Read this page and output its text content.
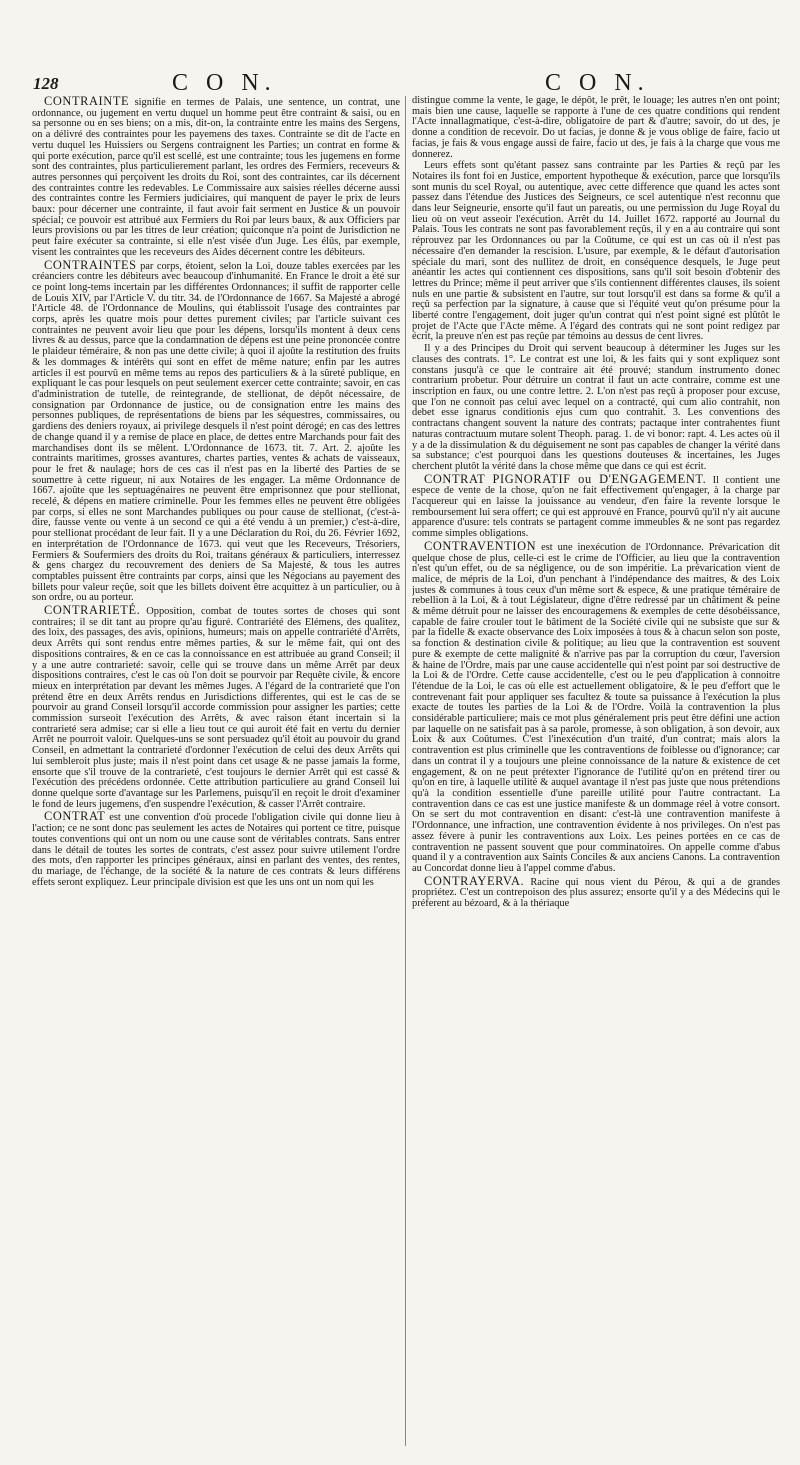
128	C O N.	C O N.

CONTRAINTE signifie en termes de Palais, une sentence, un contrat, une ordonnance, ou jugement en vertu duquel un homme peut être contraint & saisi, ou en sa personne ou en ses biens; on a mis, dit-on, la contrainte entre les mains des Sergens, on a délivré des contraintes pour les payemens des taxes. Contrainte se dit de l'acte en vertu duquel les Huissiers ou Sergens contraignent les Parties; un contrat en forme & qui porte exécution, parce qu'il est scellé, est une contrainte; tous les jugemens en forme sont des contraintes, plus particulierement parlant, les ordres des Fermiers, receveurs & autres personnes qui perçoivent les droits du Roi, sont des contraintes, car ils décernent des contraintes contre les redevables. Le Commissaire aux saisies réelles décerne aussi des contraintes contre les Fermiers judiciaires, qui manquent de payer le prix de leurs baux: pour décerner une contrainte, il faut avoir fait serment en Justice & un pouvoir spécial; ce pouvoir est attribué aux Fermiers du Roi par leurs baux, & aux Officiers par leurs provisions ou par les titres de leur création; quiconque n'a point de Jurisdiction ne peut faire exécuter sa contrainte, si elle n'est visée d'un Juge. Les élûs, par exemple, visent les contraintes que les receveurs des Aides décernent contre les débiteurs.

CONTRAINTES par corps, étoient, selon la Loi, douze tables exercées par les créanciers contre les débiteurs avec beaucoup d'inhumanité. En France le droit a été sur ce point long-tems incertain par les différentes Ordonnances; il suffit de rapporter celle de Louis XIV, par l'Article V. du titr. 34. de l'Ordonnance de 1667. Sa Majesté a abrogé l'Article 48. de l'Ordonnance de Moulins, qui établissoit l'usage des contraintes par corps, après les quatre mois pour dettes purement civiles; par l'article suivant ces contraintes ne peuvent avoir lieu que pour les dépens, lorsqu'ils montent à deux cens livres & au dessus, parce que la condamnation de dépens est une peine prononcée contre le plaideur téméraire, & non pas une dette civile; à quoi il ajoûte la restitution des fruits & les dommages & intérêts qui sont en effet de même nature; enfin par les autres articles il est pourvû en même tems au repos des particuliers & à la sûreté publique, en expliquant le cas pour lesquels on peut seulement exercer cette contrainte; savoir, en cas d'administration de tutelle, de reintegrande, de stellionat, de dépôt nécessaire, de consignation par Ordonnance de justice, ou de consignation entre les mains des personnes publiques, de représentations de biens par les séquestres, commissaires, ou gardiens des deniers royaux, ai privilege desquels il n'est point dérogé; en cas des lettres de change quand il y a remise de place en place, de dettes entre Marchands pour fait des marchandises dont ils se mêlent. L'Ordonnance de 1673. tit. 7. Art. 2. ajoûte les contraints maritimes, grosses avantures, chartes parties, ventes & achats de vaisseaux, pour le fret & naulage; hors de ces cas il n'est pas en la liberté des Parties de se soumettre à cette rigueur, ni aux Notaires de les engager. La même Ordonnance de 1667. ajoûte que les septuagénaires ne peuvent être emprisonnez que pour stellionat, recelé, & dépens en matiere criminelle. Pour les femmes elles ne peuvent être obligées par corps, si elles ne sont Marchandes publiques ou pour cause de stellionat, (c'est-à-dire, fausse vente ou vente à un second ce qui a été vendu à un premier,) c'est-à-dire, pour stellionat procédant de leur fait. Il y a une Déclaration du Roi, du 26. Février 1692, en interprétation de l'Ordonnance de 1673. qui veut que les Receveurs, Trésoriers, Fermiers & Soufermiers des droits du Roi, traitans généraux & particuliers, interressez & gens chargez du recouvrement des deniers de Sa Majesté, & tous les autres comptables puissent être contraints par corps, ainsi que les Négocians au payement des billets pour valeur reçûe, soit que les billets doivent être acquittez à un particulier, ou à son ordre, ou au porteur.

CONTRARIETÉ. Opposition, combat de toutes sortes de choses qui sont contraires; il se dit tant au propre qu'au figuré. Contrariété des Elémens, des qualitez, des loix, des passages, des avis, opinions, humeurs; mais on appelle contrariété d'Arrêts, deux Arrêts qui sont rendus entre mêmes parties, & sur le même fait, qui ont des dispositions contraires, & en ce cas la connoissance en est attribuée au grand Conseil; il y a une autre contrarieté: savoir, celle qui se trouve dans un même Arrêt par deux dispositions contraires, c'est le cas où l'on doit se pourvoir par Requête civile, & encore mieux en interprétation par devant les mêmes Juges. A l'égard de la contrarieté que l'on prétend être en deux Arrêts rendus en Jurisdictions differentes, qui est le cas de se pourvoir au grand Conseil lorsqu'il accorde commission pour assigner les parties; cette commission surseoit l'exécution des Arrêts, & avec raison étant incertain si la contrarieté sera admise; car si elle a lieu tout ce qui auroit été fait en vertu du dernier Arrêt ne pourroit valoir. Quelques-uns se sont persuadez qu'il étoit au pouvoir du grand Conseil, en admettant la contrarieté d'ordonner l'exécution de celui des deux Arrêts qui lui sembleroit plus juste; mais il n'est point dans cet usage & ne passe jamais la forme, ensorte que s'il trouve de la contrarieté, c'est toujours le dernier Arrêt qui est cassé & l'exécution des précédens ordonnée. Cette attribution particuliere au grand Conseil lui donne quelque sorte d'avantage sur les Parlemens, puisqu'il en reçoit le droit d'examiner le fond de leurs jugemens, d'en suspendre l'exécution, & casser l'Arrêt contraire.

CONTRAT est une convention d'où procede l'obligation civile qui donne lieu à l'action; ce ne sont donc pas seulement les actes de Notaires qui portent ce titre, puisque toutes conventions qui ont un nom ou une cause sont de véritables contrats. Sans entrer dans le détail de toutes les sortes de contrats, c'est assez pour suivre utilement l'ordre des mots, d'en rapporter les principes généraux, ainsi en parlant des ventes, des rentes, du mariage, de l'échange, de la société & la nature de ces contrats & leurs différens effets seront expliquez. Leur principale division est que les uns ont un nom qui les

distingue comme la vente, le gage, le dépôt, le prêt, le louage; les autres n'en ont point; mais bien une cause, laquelle se rapporte à l'une de ces quatre conditions qui rendent l'Acte innallagmatique, c'est-à-dire, obligatoire de part & d'autre; savoir, do ut des, je donne a condition de recevoir. Do ut facias, je donne & je vous oblige de faire, facio ut facias, je fais & vous engage aussi de faire, facio ut des, je fais à la charge que vous me donnerez.

Leurs effets sont qu'étant passez sans contrainte par les Parties & reçû par les Notaires ils font foi en Justice, emportent hypotheque & exécution, parce que lorsqu'ils sont munis du scel Royal, ou autentique, avec cette difference que quand les actes sont passez dans l'étendue des Justices des Seigneurs, ce scel autentique n'est reconnu que dans leur Seigneurie, ensorte qu'il faut un pareatis, ou une permission du Juge Royal du lieu où on veut asseoir l'exécution. Arrêt du 14. Juillet 1672. rapporté au Journal du Palais. Tous les contrats ne sont pas favorablement reçûs, il y en a au contraire qui sont réprouvez par les Ordonnances ou par la Coûtume, ce qui est un cas où il n'est pas nécessaire d'en demander la rescision. L'usure, par exemple, & le défaut d'autorisation spéciale du mari, sont des nullitez de droit, en conséquence desquels, le Juge peut anéantir les actes qui contiennent ces dispositions, sans qu'il soit besoin d'obtenir des lettres du Prince; même il peut arriver que s'ils contiennent différentes clauses, ils soient nuls en une partie & subsistent en l'autre, sur tout lorsqu'il est dans sa forme & qu'il a reçû sa perfection par la signature, à cause que si l'équité veut qu'on présume pour la liberté contre l'engagement, doit juger qu'un contrat qui n'est point signé est plûtôt le projet de l'Acte que l'Acte même. A l'égard des contrats qui ne sont point redigez par écrit, la preuve n'en est pas reçûe par témoins au dessus de cent livres.

Il y a des Principes du Droit qui servent beaucoup à déterminer les Juges sur les clauses des contrats. 1°. Le contrat est une loi, & les faits qui y sont expliquez sont constans jusqu'à ce que le contraire ait été prouvé; standum instrumento donec contrarium probetur. Pour détruire un contrat il faut un acte contraire, comme est une inscription en faux, ou une contre lettre. 2. L'on n'est pas reçû à proposer pour excuse, que l'on ne connoit pas celui avec lequel on a contracté, qui cum alio contrahit, non debet esse ignarus conditionis ejus cum quo contrahit. 3. Les conventions des contractans changent souvent la nature des contrats; pactaque inter contrahentes fiunt naturas contractuum mutare solent Theoph. parag. 1. de vi bonor: rapt. 4. Les actes où il y a de la dissimulation & du déguisement ne sont pas capables de changer la vérité dans sa substance; c'est pourquoi dans les questions douteuses & incertaines, les Juges cherchent plutôt la vérité dans la chose même que dans ce qui est écrit.

CONTRAT PIGNORATIF ou D'ENGAGEMENT. Il contient une espece de vente de la chose, qu'on ne fait effectivement qu'engager, à la charge par l'acquereur qui en laisse la jouissance au vendeur, d'en faire la revente lorsque le remboursement lui sera offert; ce qui est approuvé en France, pourvû qu'il n'y ait aucune apparence d'usure: tels contrats se partagent comme immeubles & ne sont pas regardez comme simples obligations.

CONTRAVENTION est une inexécution de l'Ordonnance. Prévarication dit quelque chose de plus, celle-ci est le crime de l'Officier, au lieu que la contravention n'est qu'un effet, ou de sa négligence, ou de son impéritie. La prévarication vient de malice, de mépris de la Loi, d'un penchant à l'indépendance des maitres, & des Loix justes & communes à tous ceux d'un même sort & espece, & une pratique téméraire de rebellion à la Loi, & à tout Législateur, digne d'être redressé par un châtiment & peine & même détruit pour ne laisser des encouragemens & exemples de cette désobéissance, capable de faire crouler tout le bâtiment de la Société civile qui ne subsiste que sur & par la fidelle & exacte observance des Loix imposées à tous & à chacun selon son poste, sa fonction & destination civile & politique; au lieu que la contravention est souvent pure & exempte de cette malignité & n'arrive pas par la corruption du cœur, l'aversion & haine de l'Ordre, mais par une cause accidentelle qui n'est point par soi destructive de la Loi & de l'Ordre. Cette cause accidentelle, c'est ou le peu d'application à connoitre l'étendue de la Loi, le cas où elle est actuellement obligatoire, & le peu d'effort que le contrevenant fait pour appliquer ses facultez & toute sa puissance à l'exécution la plus exacte de toutes les parties de la Loi & de l'Ordre. Voilà la contravention la plus considérable particuliere; mais ce mot plus généralement pris peut être défini une action par laquelle on ne satisfait pas à sa parole, promesse, à son obligation, à son devoir, aux Loix & aux Coûtumes. C'est l'inexécution d'un traité, d'un contrat; mais alors la contravention est plus criminelle que les contraventions de foiblesse ou d'ignorance; car dans un contrat il y a toujours une pleine connoissance de la nature & existence de cet engagement, & on ne peut prétexter l'ignorance de l'utilité qu'on en prétend tirer ou qu'on en tire, à laquelle utilité & auquel avantage il n'est pas juste que nous prétendions qu'à la condition essentielle d'une pareille utilité pour l'autre contractant. La contravention dans ce cas est une justice manifeste & un dommage réel à votre consort. On se sert du mot contravention en disant: c'est-là une contravention manifeste à l'Ordonnance, une infraction, une contravention évidente à nos privileges. On n'est pas assez févere à punir les contraventions aux Loix. Les peines portées en ce cas de contravention ne passent souvent que pour comminatoires. On appelle comme d'abus quand il y a contravention aux Saints Conciles & aux anciens Canons. La contravention au Concordat donne lieu à l'appel comme d'abus.

CONTRAYERVA. Racine qui nous vient du Pérou, & qui a de grandes propriétez. C'est un contrepoison des plus assurez; ensorte qu'il y a des Médecins qui le préferent au bézoard, & à la thériaque
